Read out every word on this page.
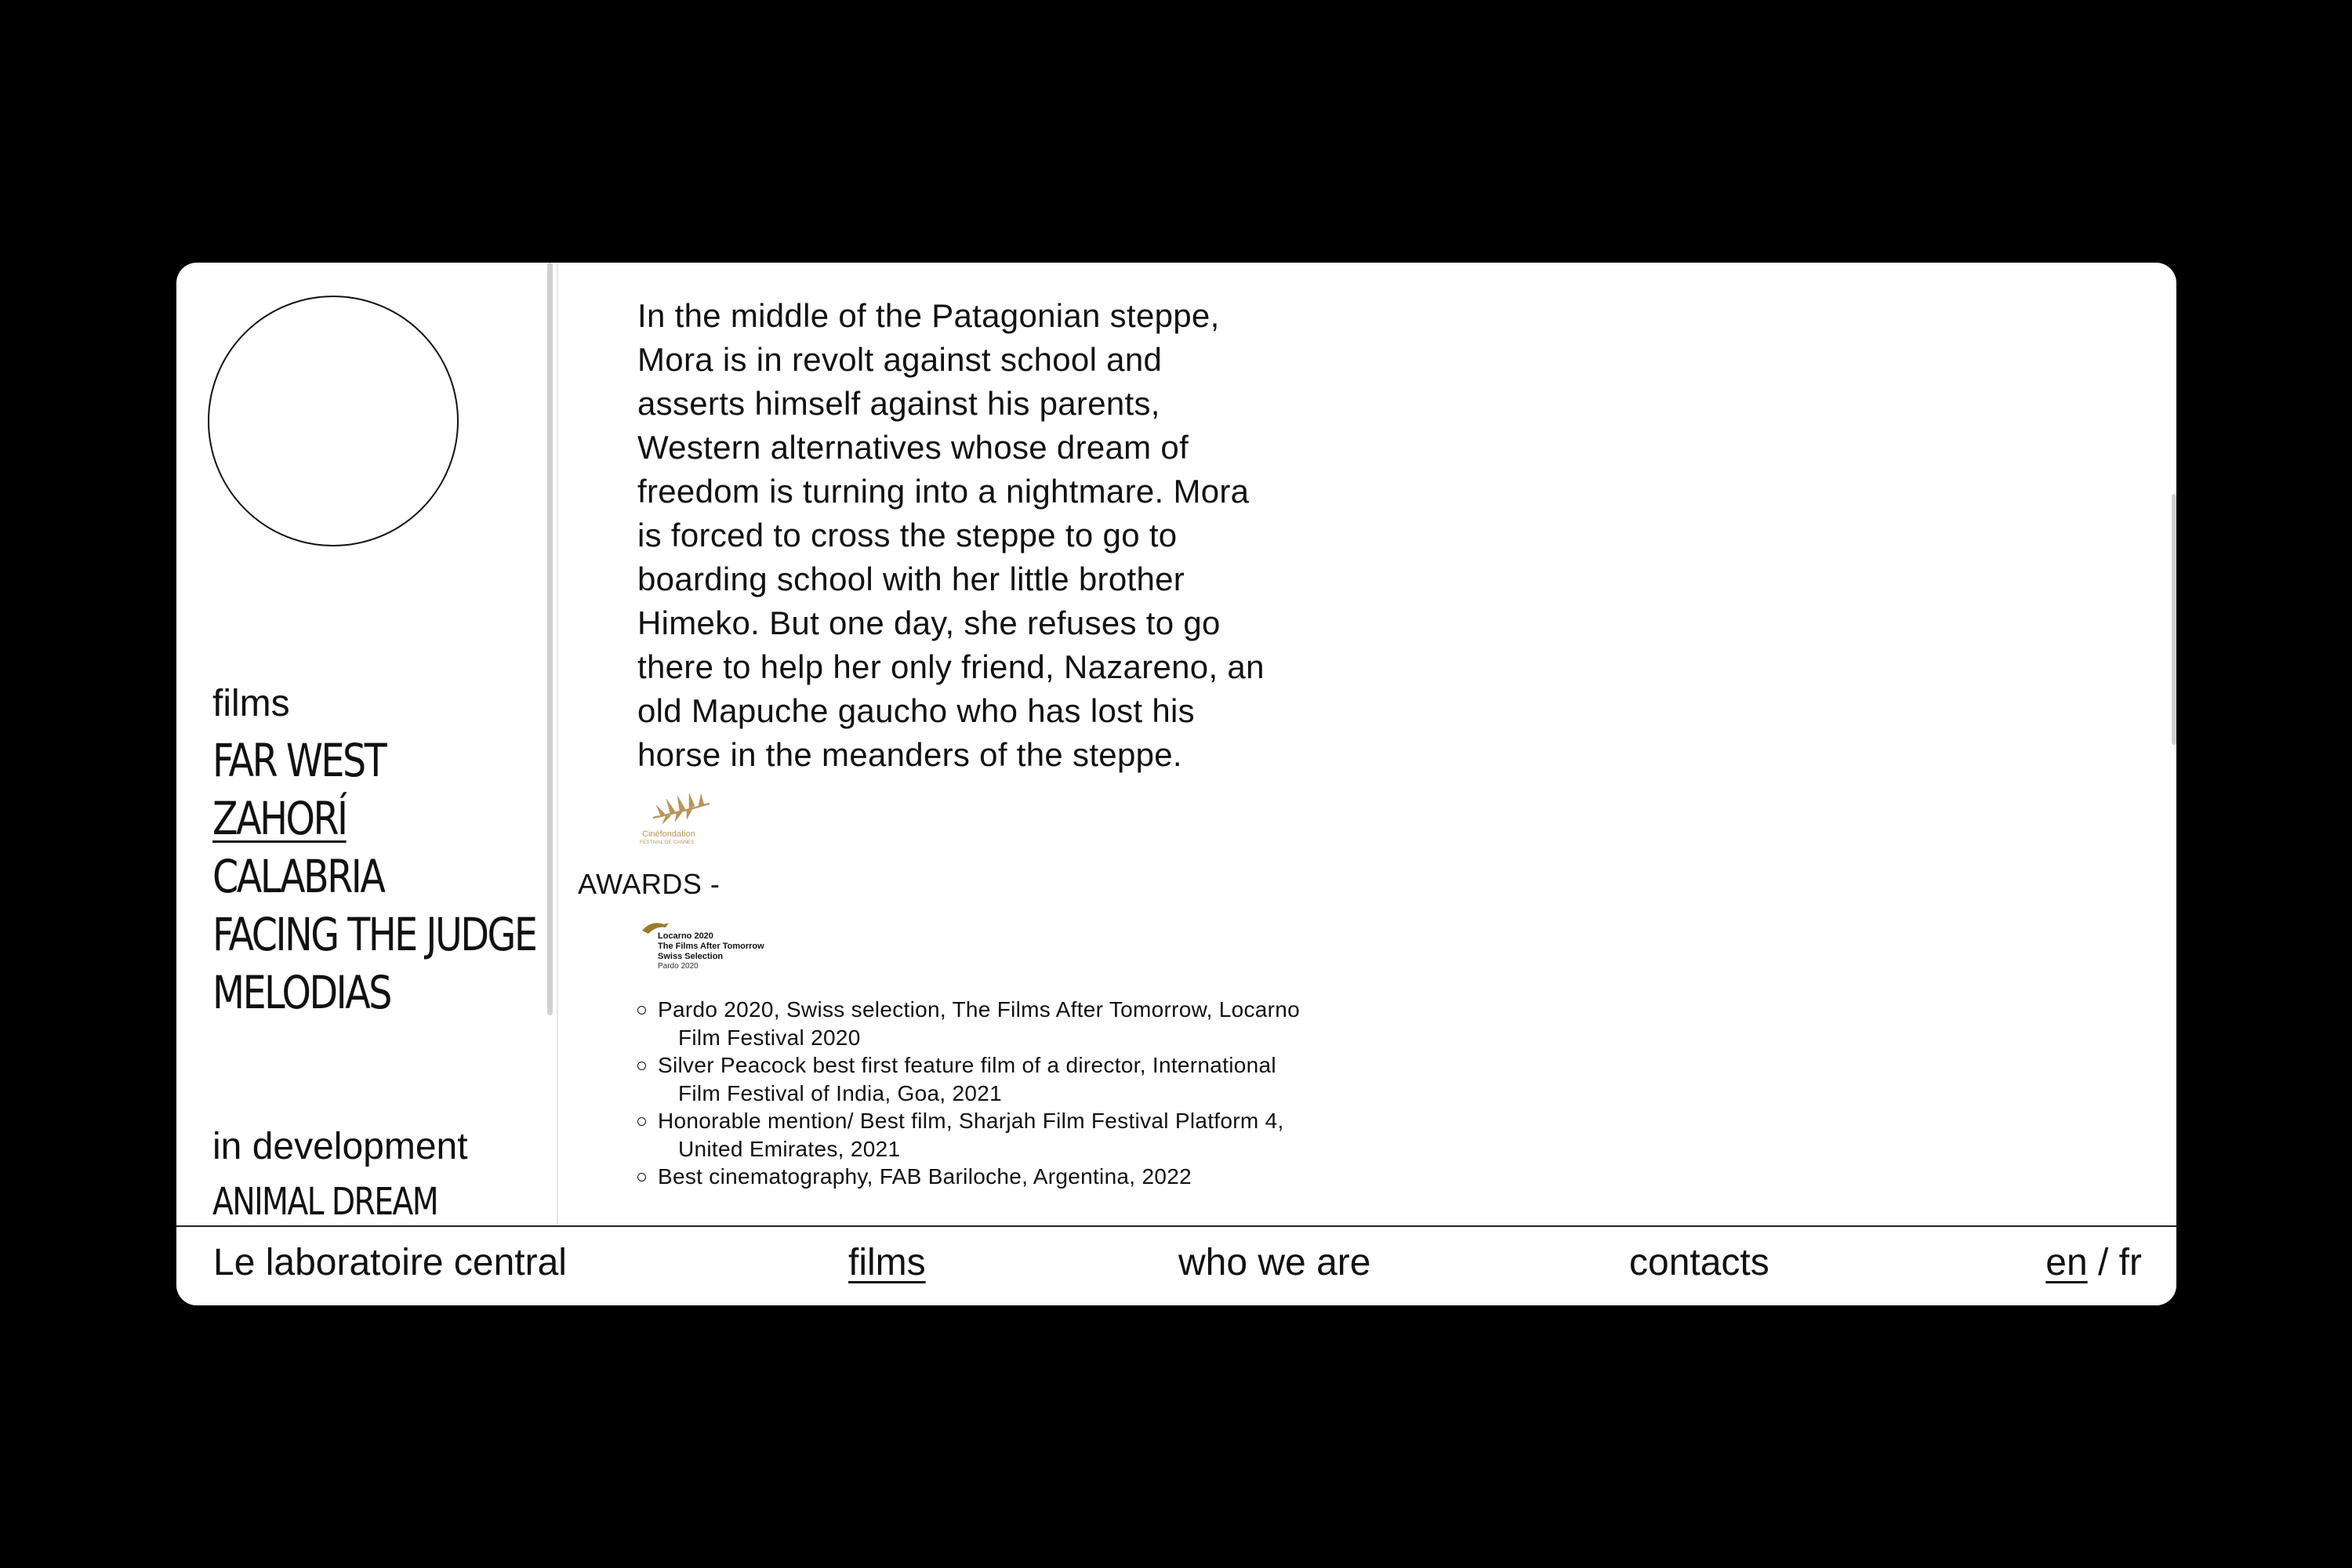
films
FAR WEST
ZAHORÍ
CALABRIA
FACING THE JUDGE
MELODIAS
in development
ANIMAL DREAM
In the middle of the Patagonian steppe,
Mora is in revolt against school and
asserts himself against his parents,
Western alternatives whose dream of
freedom is turning into a nightmare. Mora
is forced to cross the steppe to go to
boarding school with her little brother
Himeko. But one day, she refuses to go
there to help her only friend, Nazareno, an
old Mapuche gaucho who has lost his
horse in the meanders of the steppe.
Cinéfondation
FESTIVAL DE CANNES
AWARDS -
Locarno 2020
The Films After Tomorrow
Swiss Selection
Pardo 2020
Pardo 2020, Swiss selection, The Films After Tomorrow, Locarno
Film Festival 2020
Silver Peacock best first feature film of a director, International
Film Festival of India, Goa, 2021
Honorable mention/ Best film, Sharjah Film Festival Platform 4,
United Emirates, 2021
Best cinematography, FAB Bariloche, Argentina, 2022
Le laboratoire central	films	who we are	contacts	en / fr
